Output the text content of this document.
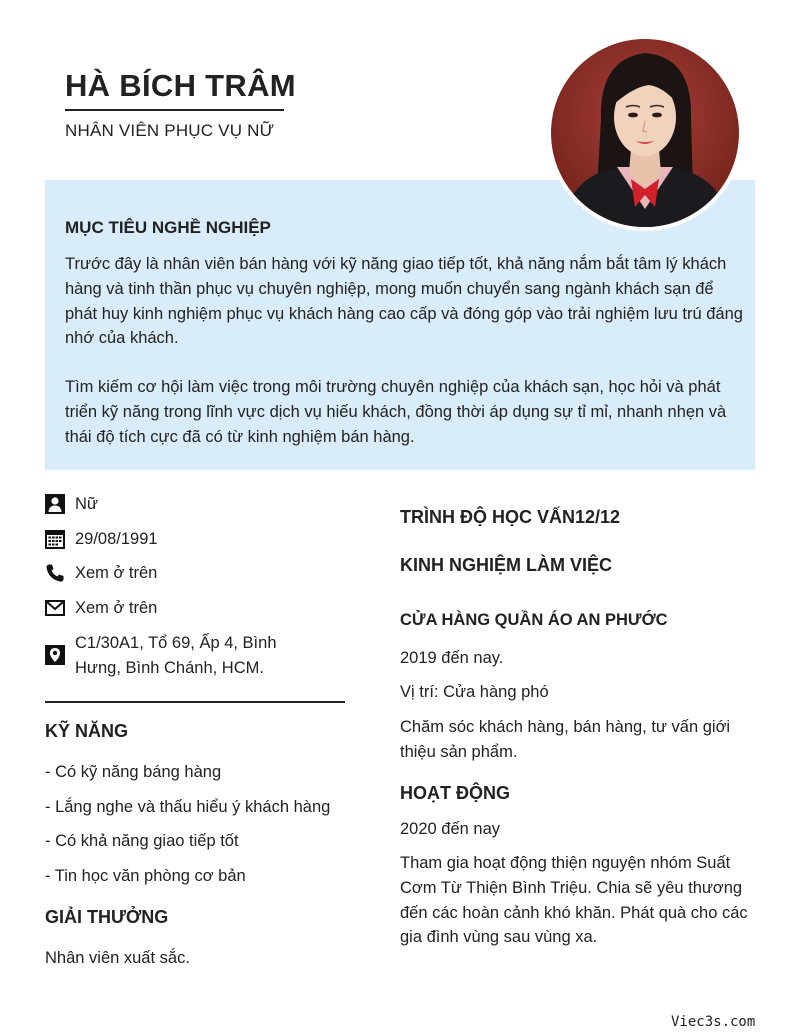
HÀ BÍCH TRÂM
NHÂN VIÊN PHỤC VỤ NỮ
MỤC TIÊU NGHỀ NGHIỆP
Trước đây là nhân viên bán hàng với kỹ năng giao tiếp tốt, khả năng nắm bắt tâm lý khách hàng và tinh thần phục vụ chuyên nghiệp, mong muốn chuyển sang ngành khách sạn để phát huy kinh nghiệm phục vụ khách hàng cao cấp và đóng góp vào trải nghiệm lưu trú đáng nhớ của khách.
Tìm kiếm cơ hội làm việc trong môi trường chuyên nghiệp của khách sạn, học hỏi và phát triển kỹ năng trong lĩnh vực dịch vụ hiếu khách, đồng thời áp dụng sự tỉ mỉ, nhanh nhẹn và thái độ tích cực đã có từ kinh nghiệm bán hàng.
Nữ
29/08/1991
Xem ở trên
Xem ở trên
C1/30A1, Tổ 69, Ấp 4, Bình Hưng, Bình Chánh, HCM.
KỸ NĂNG
- Có kỹ năng báng hàng
- Lắng nghe và thấu hiểu ý khách hàng
- Có khả năng giao tiếp tốt
- Tin học văn phòng cơ bản
GIẢI THƯỞNG
Nhân viên xuất sắc.
TRÌNH ĐỘ HỌC VẤN12/12
KINH NGHIỆM LÀM VIỆC
CỬA HÀNG QUẦN ÁO AN PHƯỚC
2019 đến nay.
Vị trí: Cửa hàng phó
Chăm sóc khách hàng, bán hàng, tư vấn giới thiệu sản phẩm.
HOẠT ĐỘNG
2020 đến nay
Tham gia hoạt động thiện nguyện nhóm Suất Cơm Từ Thiện Bình Triệu. Chia sẽ yêu thương đến các hoàn cảnh khó khăn. Phát quà cho các gia đình vùng sau vùng xa.
Viec3s.com
